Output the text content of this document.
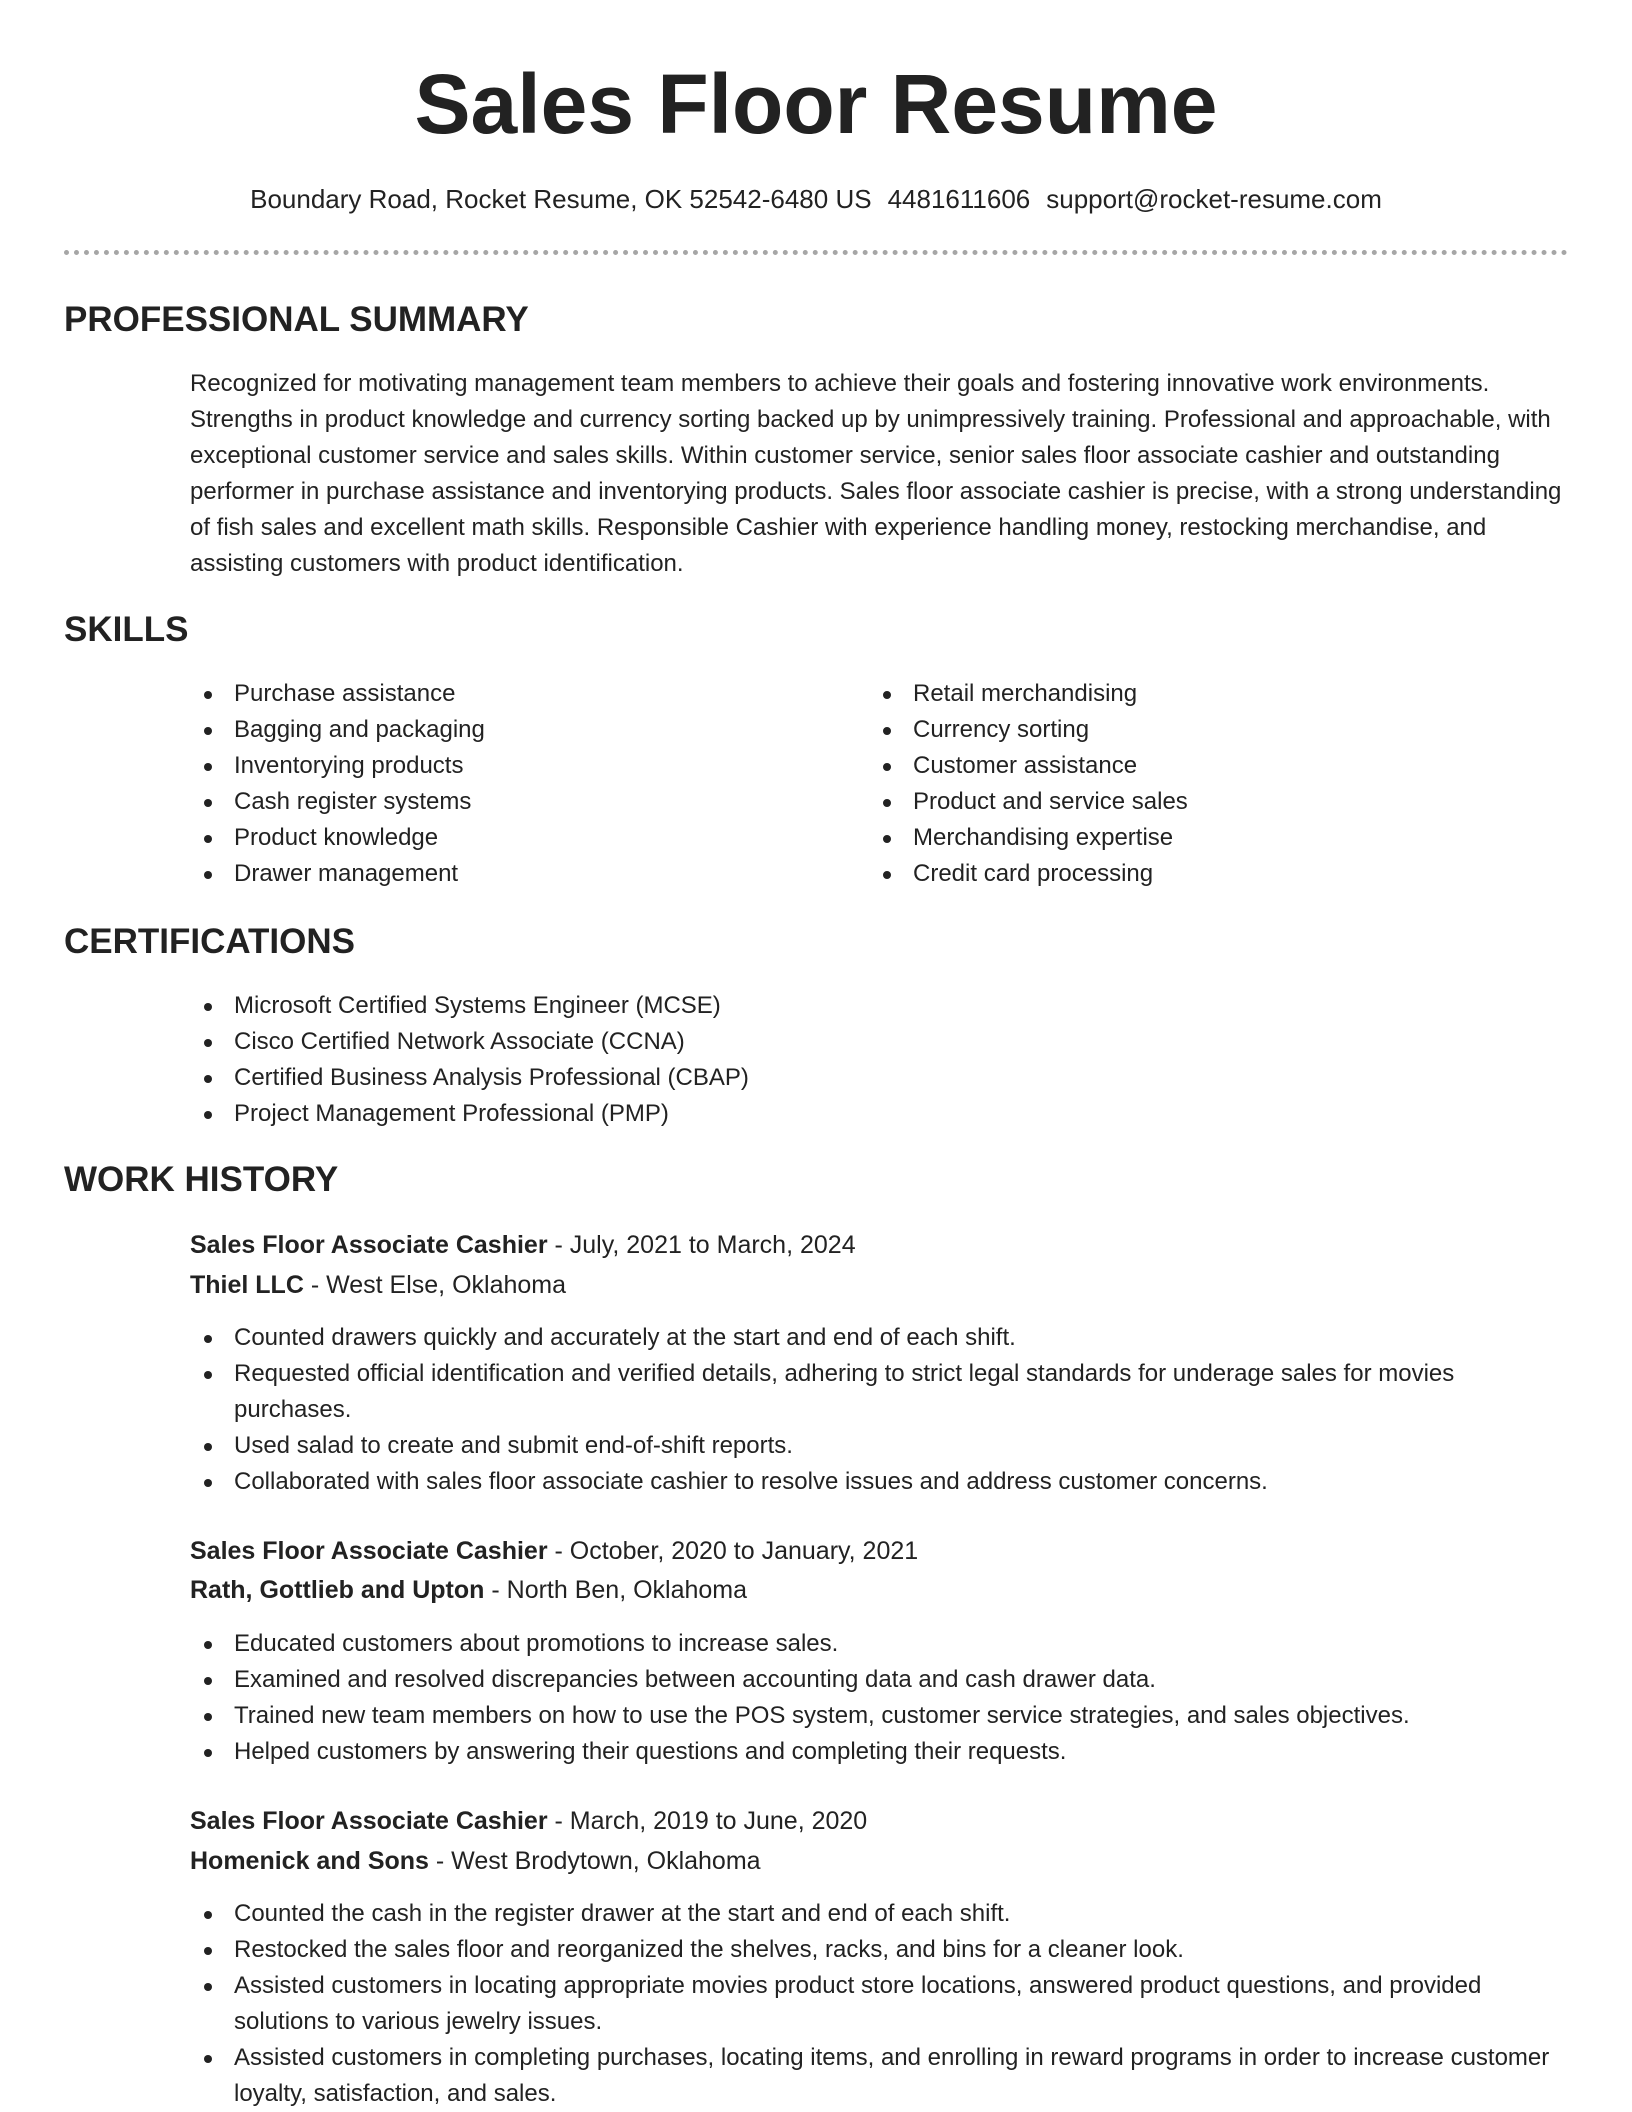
Sales Floor Resume
Boundary Road, Rocket Resume, OK 52542-6480 US 4481611606 support@rocket-resume.com
PROFESSIONAL SUMMARY
Recognized for motivating management team members to achieve their goals and fostering innovative work environments. Strengths in product knowledge and currency sorting backed up by unimpressively training. Professional and approachable, with exceptional customer service and sales skills. Within customer service, senior sales floor associate cashier and outstanding performer in purchase assistance and inventorying products. Sales floor associate cashier is precise, with a strong understanding of fish sales and excellent math skills. Responsible Cashier with experience handling money, restocking merchandise, and assisting customers with product identification.
SKILLS
Purchase assistance
Bagging and packaging
Inventorying products
Cash register systems
Product knowledge
Drawer management
Retail merchandising
Currency sorting
Customer assistance
Product and service sales
Merchandising expertise
Credit card processing
CERTIFICATIONS
Microsoft Certified Systems Engineer (MCSE)
Cisco Certified Network Associate (CCNA)
Certified Business Analysis Professional (CBAP)
Project Management Professional (PMP)
WORK HISTORY
Sales Floor Associate Cashier - July, 2021 to March, 2024
Thiel LLC - West Else, Oklahoma
Counted drawers quickly and accurately at the start and end of each shift.
Requested official identification and verified details, adhering to strict legal standards for underage sales for movies purchases.
Used salad to create and submit end-of-shift reports.
Collaborated with sales floor associate cashier to resolve issues and address customer concerns.
Sales Floor Associate Cashier - October, 2020 to January, 2021
Rath, Gottlieb and Upton - North Ben, Oklahoma
Educated customers about promotions to increase sales.
Examined and resolved discrepancies between accounting data and cash drawer data.
Trained new team members on how to use the POS system, customer service strategies, and sales objectives.
Helped customers by answering their questions and completing their requests.
Sales Floor Associate Cashier - March, 2019 to June, 2020
Homenick and Sons - West Brodytown, Oklahoma
Counted the cash in the register drawer at the start and end of each shift.
Restocked the sales floor and reorganized the shelves, racks, and bins for a cleaner look.
Assisted customers in locating appropriate movies product store locations, answered product questions, and provided solutions to various jewelry issues.
Assisted customers in completing purchases, locating items, and enrolling in reward programs in order to increase customer loyalty, satisfaction, and sales.
